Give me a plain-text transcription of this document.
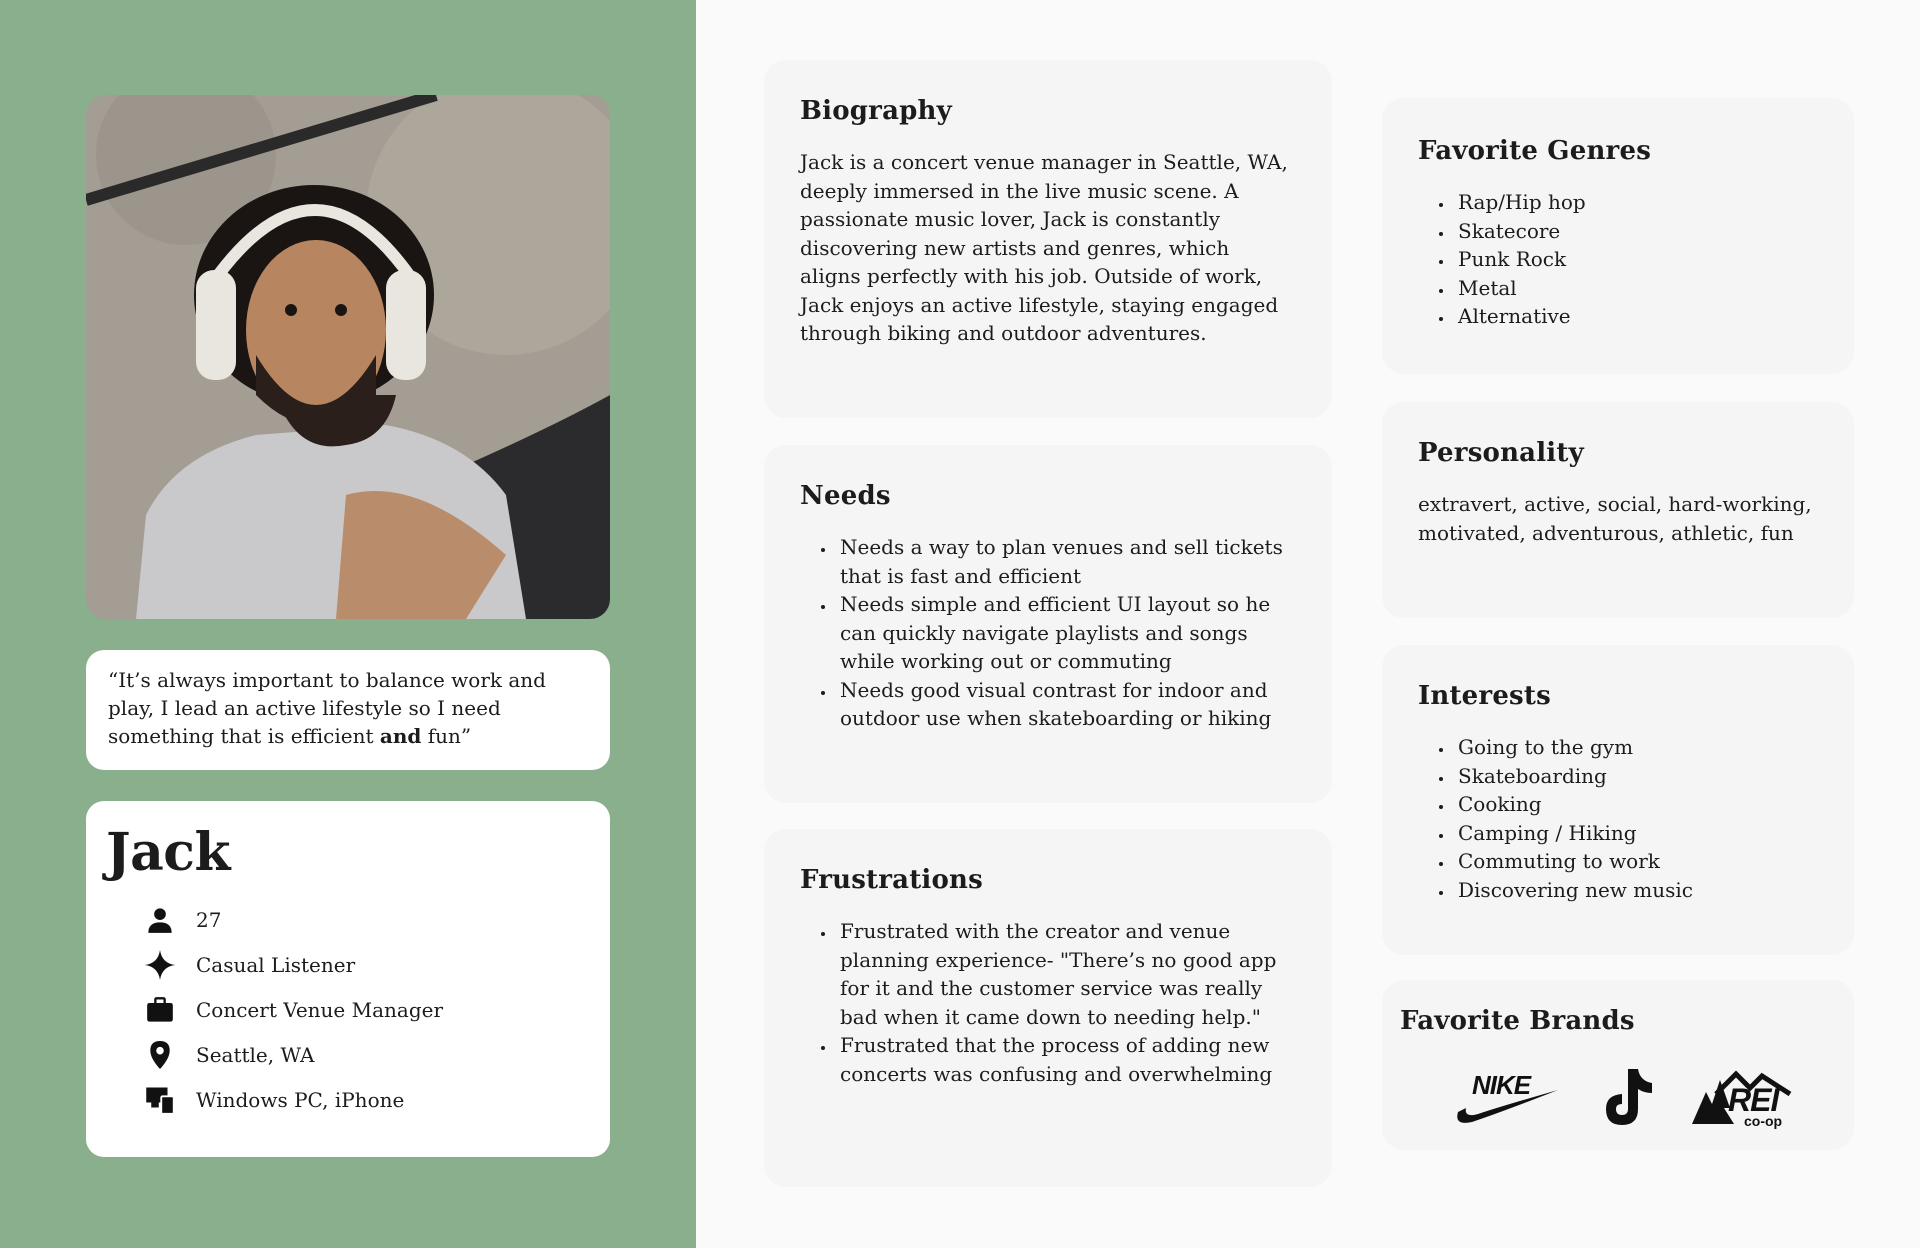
“It’s always important to balance work and play, I lead an active lifestyle so I need something that is efficient and fun”
Jack
27
Casual Listener
Concert Venue Manager
Seattle, WA
Windows PC, iPhone
Biography

Jack is a concert venue manager in Seattle, WA, deeply immersed in the live music scene. A passionate music lover, Jack is constantly discovering new artists and genres, which aligns perfectly with his job. Outside of work, Jack enjoys an active lifestyle, staying engaged through biking and outdoor adventures.

Needs
• Needs a way to plan venues and sell tickets that is fast and efficient
• Needs simple and efficient UI layout so he can quickly navigate playlists and songs while working out or commuting
• Needs good visual contrast for indoor and outdoor use when skateboarding or hiking
Frustrations
• Frustrated with the creator and venue planning experience- "There’s no good app for it and the customer service was really bad when it came down to needing help."
• Frustrated that the process of adding new concerts was confusing and overwhelming
Favorite Genres
• Rap/Hip hop
• Skatecore
• Punk Rock
• Metal
• Alternative
Personality

extravert, active, social, hard-working, motivated, adventurous, athletic, fun

Interests
• Going to the gym
• Skateboarding
• Cooking
• Camping / Hiking
• Commuting to work
• Discovering new music
Favorite Brands
NIKE	REI
co-op
